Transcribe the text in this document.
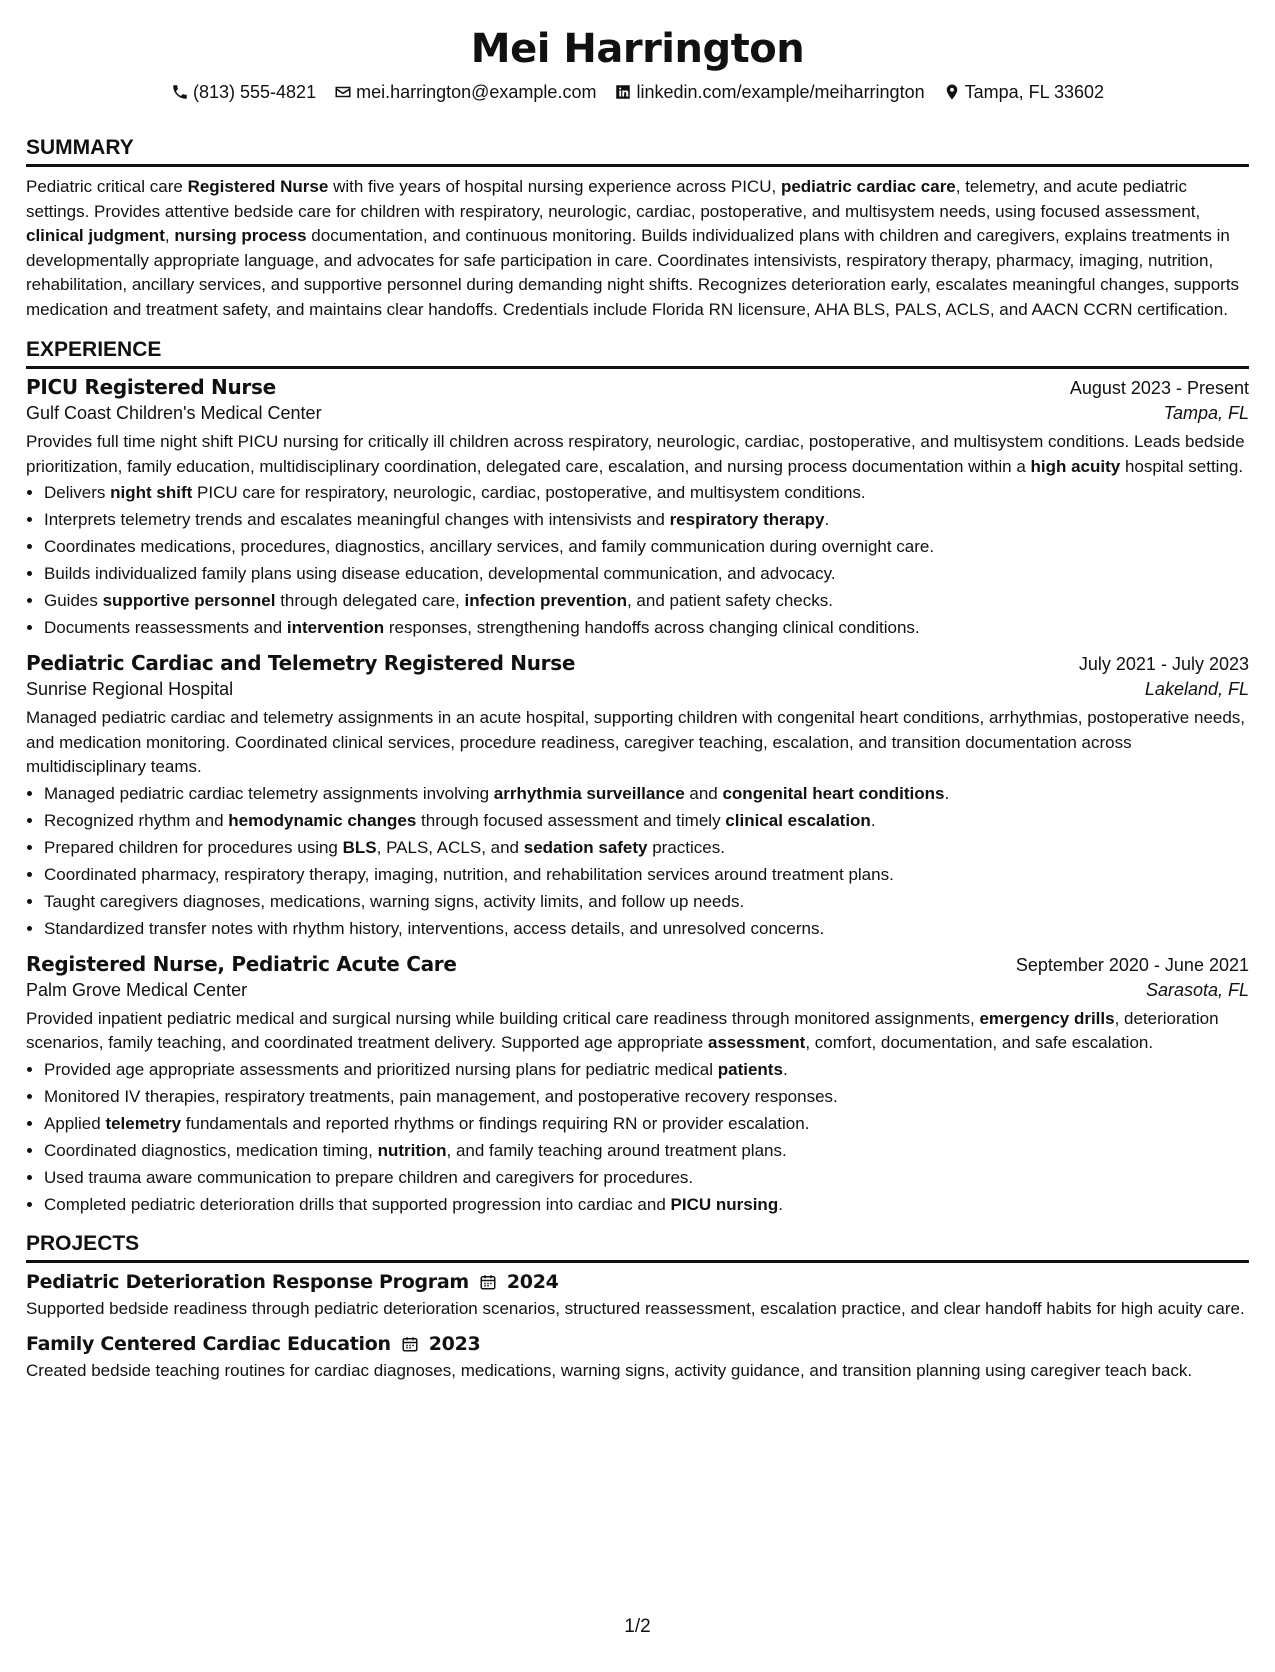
Mei Harrington
(813) 555-4821 mei.harrington@example.com linkedin.com/example/meiharrington Tampa, FL 33602
SUMMARY

Pediatric critical care Registered Nurse with five years of hospital nursing experience across PICU, pediatric cardiac care, telemetry, and acute pediatric settings. Provides attentive bedside care for children with respiratory, neurologic, cardiac, postoperative, and multisystem needs, using focused assessment, clinical judgment, nursing process documentation, and continuous monitoring. Builds individualized plans with children and caregivers, explains treatments in developmentally appropriate language, and advocates for safe participation in care. Coordinates intensivists, respiratory therapy, pharmacy, imaging, nutrition, rehabilitation, ancillary services, and supportive personnel during demanding night shifts. Recognizes deterioration early, escalates meaningful changes, supports medication and treatment safety, and maintains clear handoffs. Credentials include Florida RN licensure, AHA BLS, PALS, ACLS, and AACN CCRN certification.

EXPERIENCE
PICU Registered Nurse	August 2023 - Present
Gulf Coast Children's Medical Center	Tampa, FL

Provides full time night shift PICU nursing for critically ill children across respiratory, neurologic, cardiac, postoperative, and multisystem conditions. Leads bedside prioritization, family education, multidisciplinary coordination, delegated care, escalation, and nursing process documentation within a high acuity hospital setting.

• Delivers night shift PICU care for respiratory, neurologic, cardiac, postoperative, and multisystem conditions.
• Interprets telemetry trends and escalates meaningful changes with intensivists and respiratory therapy.
• Coordinates medications, procedures, diagnostics, ancillary services, and family communication during overnight care.
• Builds individualized family plans using disease education, developmental communication, and advocacy.
• Guides supportive personnel through delegated care, infection prevention, and patient safety checks.
• Documents reassessments and intervention responses, strengthening handoffs across changing clinical conditions.
Pediatric Cardiac and Telemetry Registered Nurse	July 2021 - July 2023
Sunrise Regional Hospital	Lakeland, FL

Managed pediatric cardiac and telemetry assignments in an acute hospital, supporting children with congenital heart conditions, arrhythmias, postoperative needs, and medication monitoring. Coordinated clinical services, procedure readiness, caregiver teaching, escalation, and transition documentation across multidisciplinary teams.

• Managed pediatric cardiac telemetry assignments involving arrhythmia surveillance and congenital heart conditions.
• Recognized rhythm and hemodynamic changes through focused assessment and timely clinical escalation.
• Prepared children for procedures using BLS, PALS, ACLS, and sedation safety practices.
• Coordinated pharmacy, respiratory therapy, imaging, nutrition, and rehabilitation services around treatment plans.
• Taught caregivers diagnoses, medications, warning signs, activity limits, and follow up needs.
• Standardized transfer notes with rhythm history, interventions, access details, and unresolved concerns.
Registered Nurse, Pediatric Acute Care	September 2020 - June 2021
Palm Grove Medical Center	Sarasota, FL

Provided inpatient pediatric medical and surgical nursing while building critical care readiness through monitored assignments, emergency drills, deterioration scenarios, family teaching, and coordinated treatment delivery. Supported age appropriate assessment, comfort, documentation, and safe escalation.

• Provided age appropriate assessments and prioritized nursing plans for pediatric medical patients.
• Monitored IV therapies, respiratory treatments, pain management, and postoperative recovery responses.
• Applied telemetry fundamentals and reported rhythms or findings requiring RN or provider escalation.
• Coordinated diagnostics, medication timing, nutrition, and family teaching around treatment plans.
• Used trauma aware communication to prepare children and caregivers for procedures.
• Completed pediatric deterioration drills that supported progression into cardiac and PICU nursing.
PROJECTS
Pediatric Deterioration Response Program 2024

Supported bedside readiness through pediatric deterioration scenarios, structured reassessment, escalation practice, and clear handoff habits for high acuity care.

Family Centered Cardiac Education 2023

Created bedside teaching routines for cardiac diagnoses, medications, warning signs, activity guidance, and transition planning using caregiver teach back.

1/2
